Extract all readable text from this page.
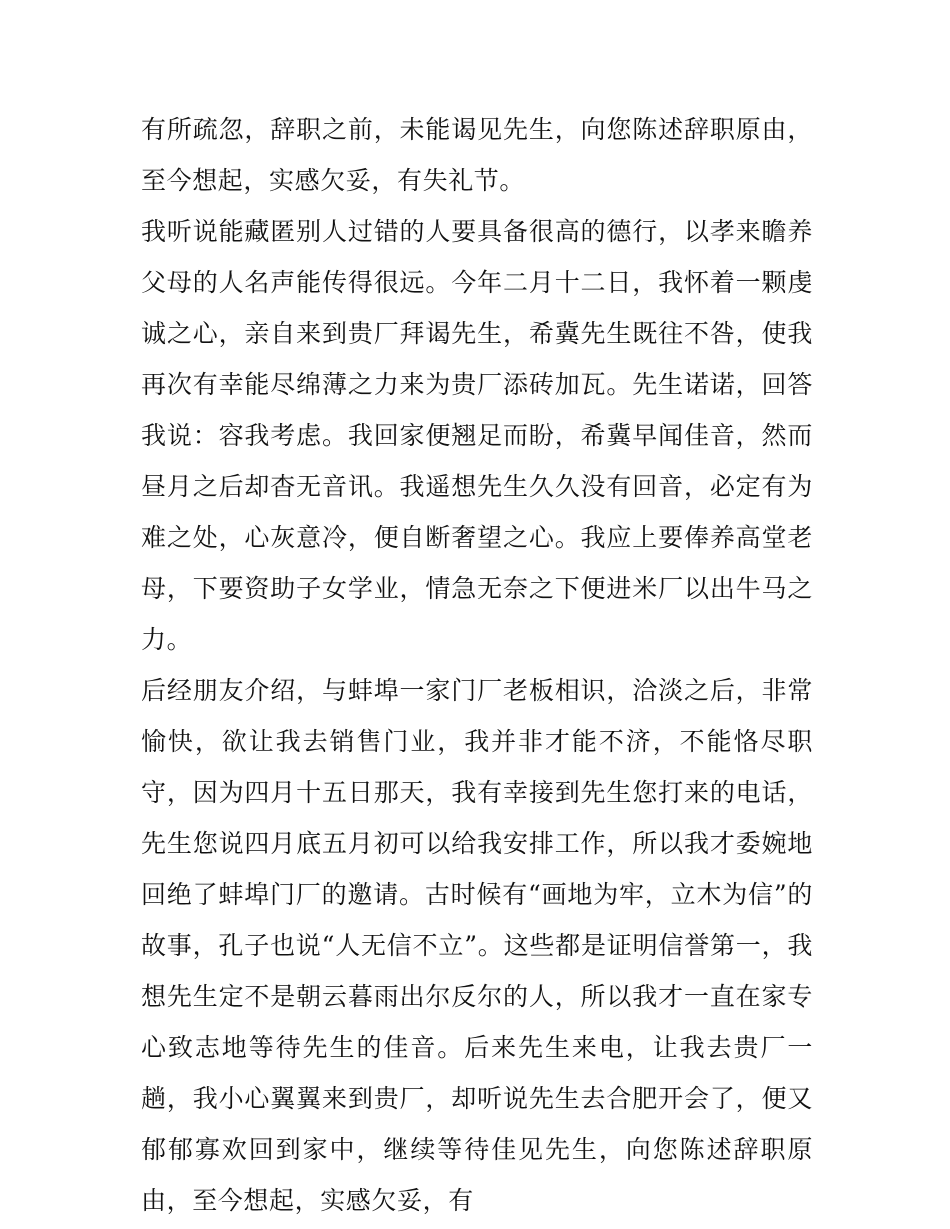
有所疏忽，辞职之前，未能谒见先生，向您陈述辞职原由，至今想起，实感欠妥，有失礼节。

我听说能藏匿别人过错的人要具备很高的德行，以孝来瞻养父母的人名声能传得很远。今年二月十二日，我怀着一颗虔诚之心，亲自来到贵厂拜谒先生，希冀先生既往不咎，使我再次有幸能尽绵薄之力来为贵厂添砖加瓦。先生诺诺，回答我说：容我考虑。我回家便翘足而盼，希冀早闻佳音，然而昼月之后却杳无音讯。我遥想先生久久没有回音，必定有为难之处，心灰意冷，便自断奢望之心。我应上要俸养高堂老母，下要资助子女学业，情急无奈之下便进米厂以出牛马之力。

后经朋友介绍，与蚌埠一家门厂老板相识，洽淡之后，非常愉快，欲让我去销售门业，我并非才能不济，不能恪尽职守，因为四月十五日那天，我有幸接到先生您打来的电话，先生您说四月底五月初可以给我安排工作，所以我才委婉地回绝了蚌埠门厂的邀请。古时候有“画地为牢，立木为信”的故事，孔子也说“人无信不立”。这些都是证明信誉第一，我想先生定不是朝云暮雨出尔反尔的人，所以我才一直在家专心致志地等待先生的佳音。后来先生来电，让我去贵厂一趟，我小心翼翼来到贵厂，却听说先生去合肥开会了，便又郁郁寡欢回到家中，继续等待佳见先生，向您陈述辞职原由，至今想起，实感欠妥，有
